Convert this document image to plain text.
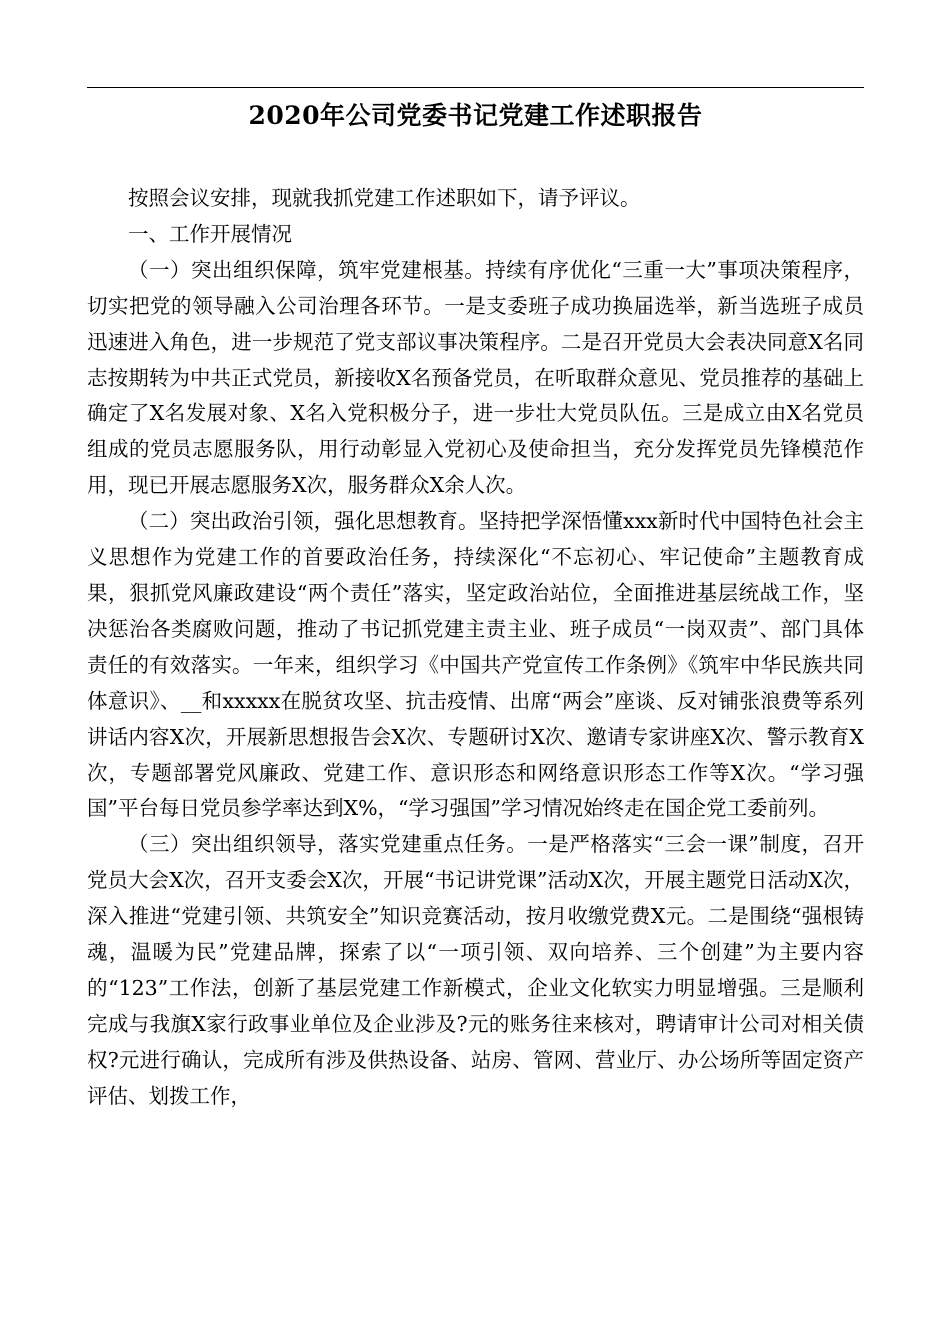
2020年公司党委书记党建工作述职报告

按照会议安排，现就我抓党建工作述职如下，请予评议。

一、工作开展情况

（一）突出组织保障，筑牢党建根基。持续有序优化“三重一大”事项决策程序，切实把党的领导融入公司治理各环节。一是支委班子成功换届选举，新当选班子成员迅速进入角色，进一步规范了党支部议事决策程序。二是召开党员大会表决同意X名同志按期转为中共正式党员，新接收X名预备党员，在听取群众意见、党员推荐的基础上确定了X名发展对象、X名入党积极分子，进一步壮大党员队伍。三是成立由X名党员组成的党员志愿服务队，用行动彰显入党初心及使命担当，充分发挥党员先锋模范作用，现已开展志愿服务X次，服务群众X余人次。

（二）突出政治引领，强化思想教育。坚持把学深悟懂xxx新时代中国特色社会主义思想作为党建工作的首要政治任务，持续深化“不忘初心、牢记使命”主题教育成果，狠抓党风廉政建设“两个责任”落实，坚定政治站位，全面推进基层统战工作，坚决惩治各类腐败问题，推动了书记抓党建主责主业、班子成员“一岗双责”、部门具体责任的有效落实。一年来，组织学习《中国共产党宣传工作条例》《筑牢中华民族共同体意识》、__和xxxxx在脱贫攻坚、抗击疫情、出席“两会”座谈、反对铺张浪费等系列讲话内容X次，开展新思想报告会X次、专题研讨X次、邀请专家讲座X次、警示教育X次，专题部署党风廉政、党建工作、意识形态和网络意识形态工作等X次。“学习强国”平台每日党员参学率达到X%，“学习强国”学习情况始终走在国企党工委前列。

（三）突出组织领导，落实党建重点任务。一是严格落实“三会一课”制度，召开党员大会X次，召开支委会X次，开展“书记讲党课”活动X次，开展主题党日活动X次，深入推进“党建引领、共筑安全”知识竞赛活动，按月收缴党费X元。二是围绕“强根铸魂，温暖为民”党建品牌，探索了以“一项引领、双向培养、三个创建”为主要内容的“123”工作法，创新了基层党建工作新模式，企业文化软实力明显增强。三是顺利完成与我旗X家行政事业单位及企业涉及?元的账务往来核对，聘请审计公司对相关债权?元进行确认，完成所有涉及供热设备、站房、管网、营业厅、办公场所等固定资产评估、划拨工作，
